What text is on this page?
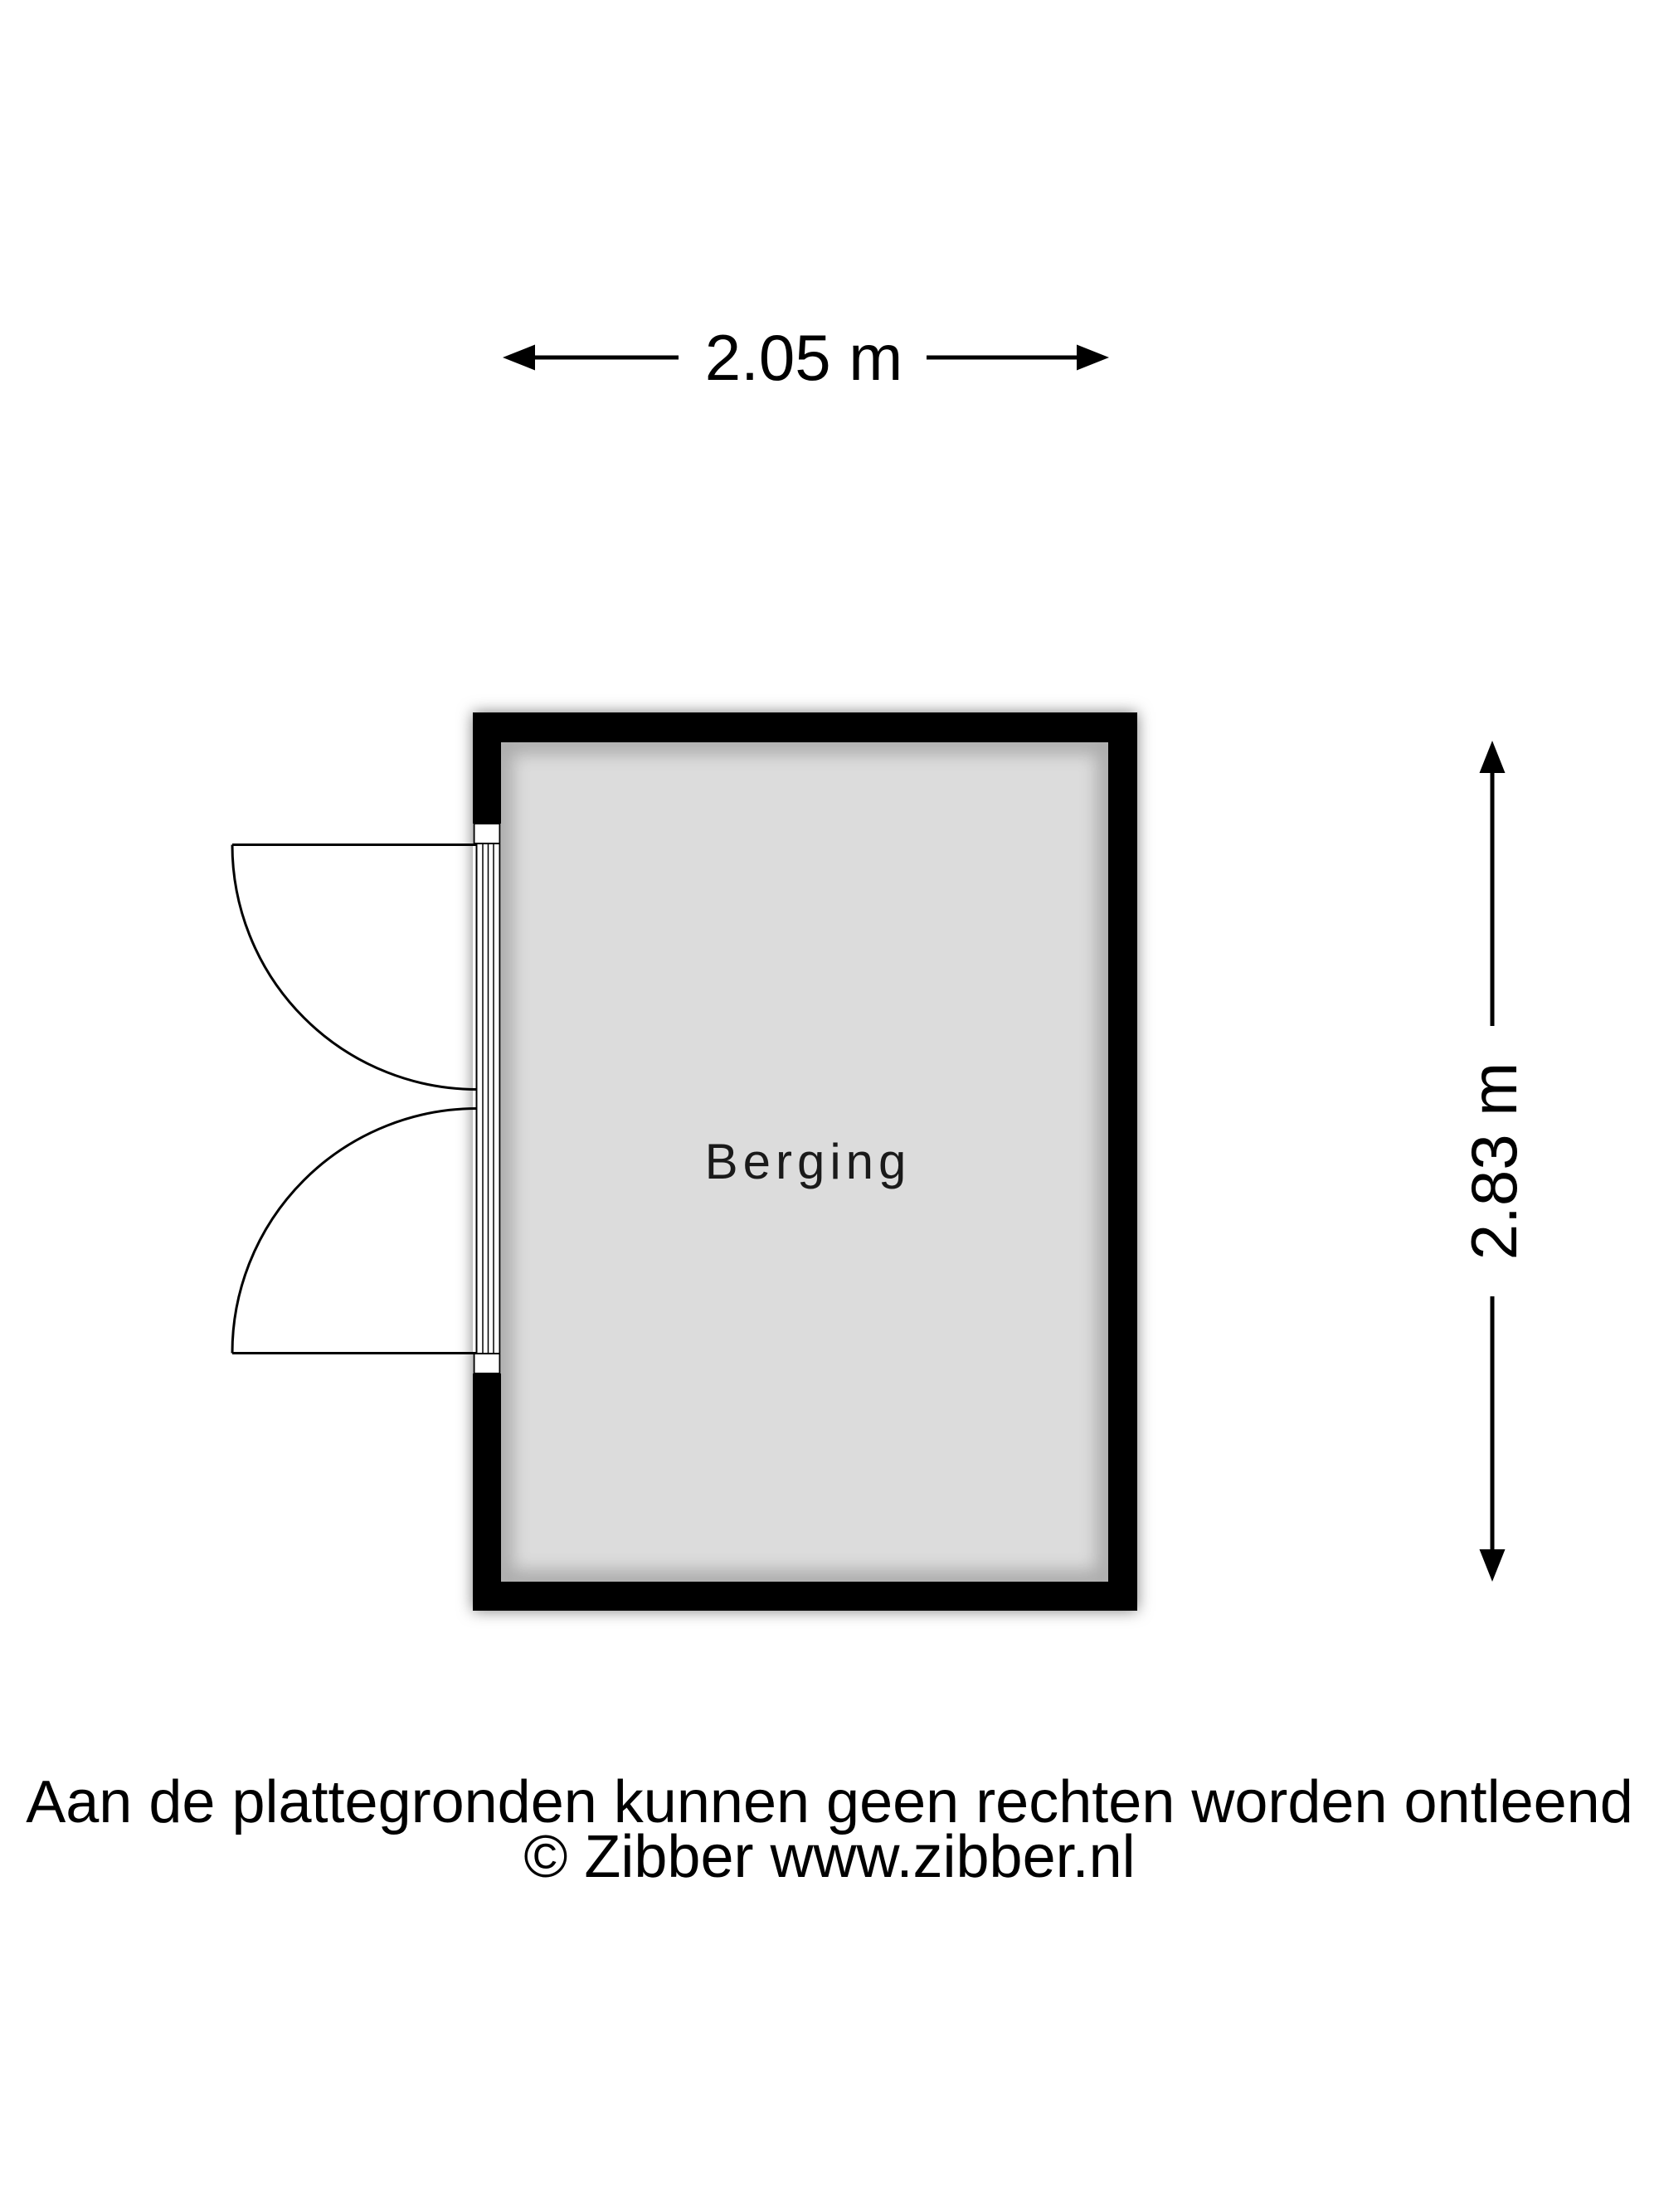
2.05 m
Berging	2.83 m
Aan de plattegronden kunnen geen rechten worden ontleend
© Zibber www.zibber.nl
